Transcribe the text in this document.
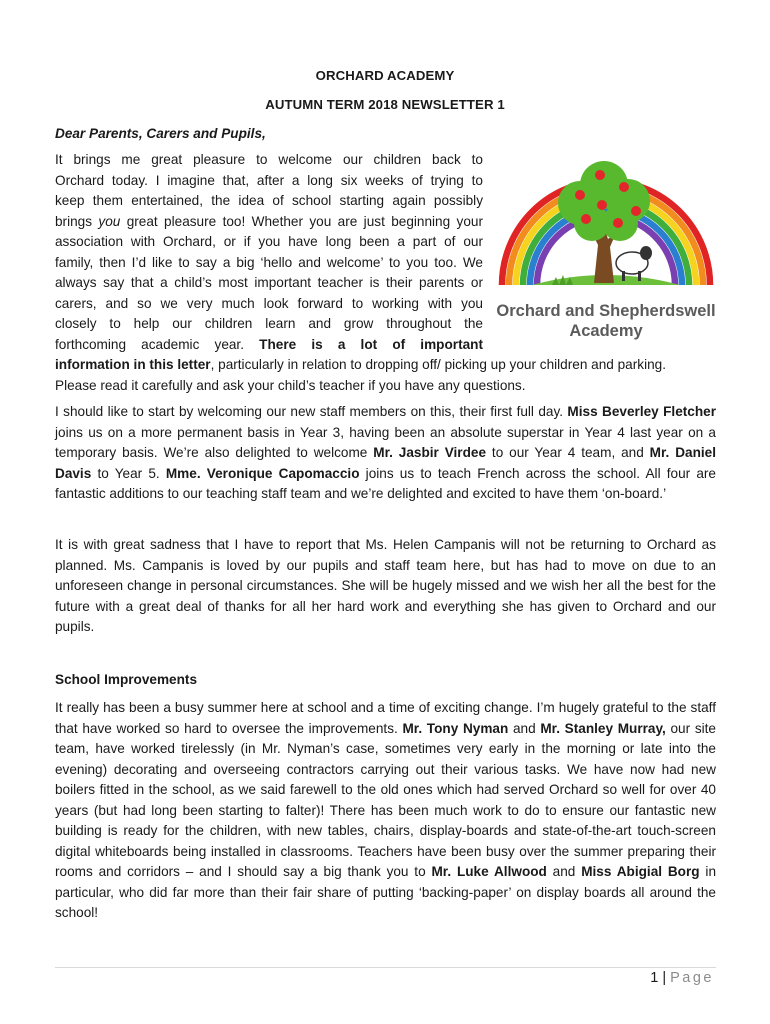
ORCHARD ACADEMY
AUTUMN TERM 2018 NEWSLETTER 1
Dear Parents, Carers and Pupils,
Orchard and Shepherdswell
Academy
It brings me great pleasure to welcome our children back to
Orchard today. I imagine that, after a long six weeks of trying to
keep them entertained, the idea of school starting again possibly
brings you great pleasure too! Whether you are just beginning your
association with Orchard, or if you have long been a part of our
family, then I’d like to say a big ‘hello and welcome’ to you too. We
always say that a child’s most important teacher is their parents or
carers, and so we very much look forward to working with you
closely to help our children learn and grow throughout the
forthcoming academic year. There is a lot of important
information in this letter, particularly in relation to dropping off/ picking up your children and parking.
Please read it carefully and ask your child’s teacher if you have any questions.

I should like to start by welcoming our new staff members on this, their first full day. Miss Beverley Fletcher joins us on a more permanent basis in Year 3, having been an absolute superstar in Year 4 last year on a temporary basis. We’re also delighted to welcome Mr. Jasbir Virdee to our Year 4 team, and Mr. Daniel Davis to Year 5. Mme. Veronique Capomaccio joins us to teach French across the school. All four are fantastic additions to our teaching staff team and we’re delighted and excited to have them ‘on-board.’

It is with great sadness that I have to report that Ms. Helen Campanis will not be returning to Orchard as planned. Ms. Campanis is loved by our pupils and staff team here, but has had to move on due to an unforeseen change in personal circumstances. She will be hugely missed and we wish her all the best for the future with a great deal of thanks for all her hard work and everything she has given to Orchard and our pupils.

School Improvements

It really has been a busy summer here at school and a time of exciting change. I’m hugely grateful to the staff that have worked so hard to oversee the improvements. Mr. Tony Nyman and Mr. Stanley Murray, our site team, have worked tirelessly (in Mr. Nyman’s case, sometimes very early in the morning or late into the evening) decorating and overseeing contractors carrying out their various tasks. We have now had new boilers fitted in the school, as we said farewell to the old ones which had served Orchard so well for over 40 years (but had long been starting to falter)! There has been much work to do to ensure our fantastic new building is ready for the children, with new tables, chairs, display-boards and state-of-the-art touch-screen digital whiteboards being installed in classrooms. Teachers have been busy over the summer preparing their rooms and corridors – and I should say a big thank you to Mr. Luke Allwood and Miss Abigial Borg in particular, who did far more than their fair share of putting ‘backing-paper’ on display boards all around the school!

1 | Page
